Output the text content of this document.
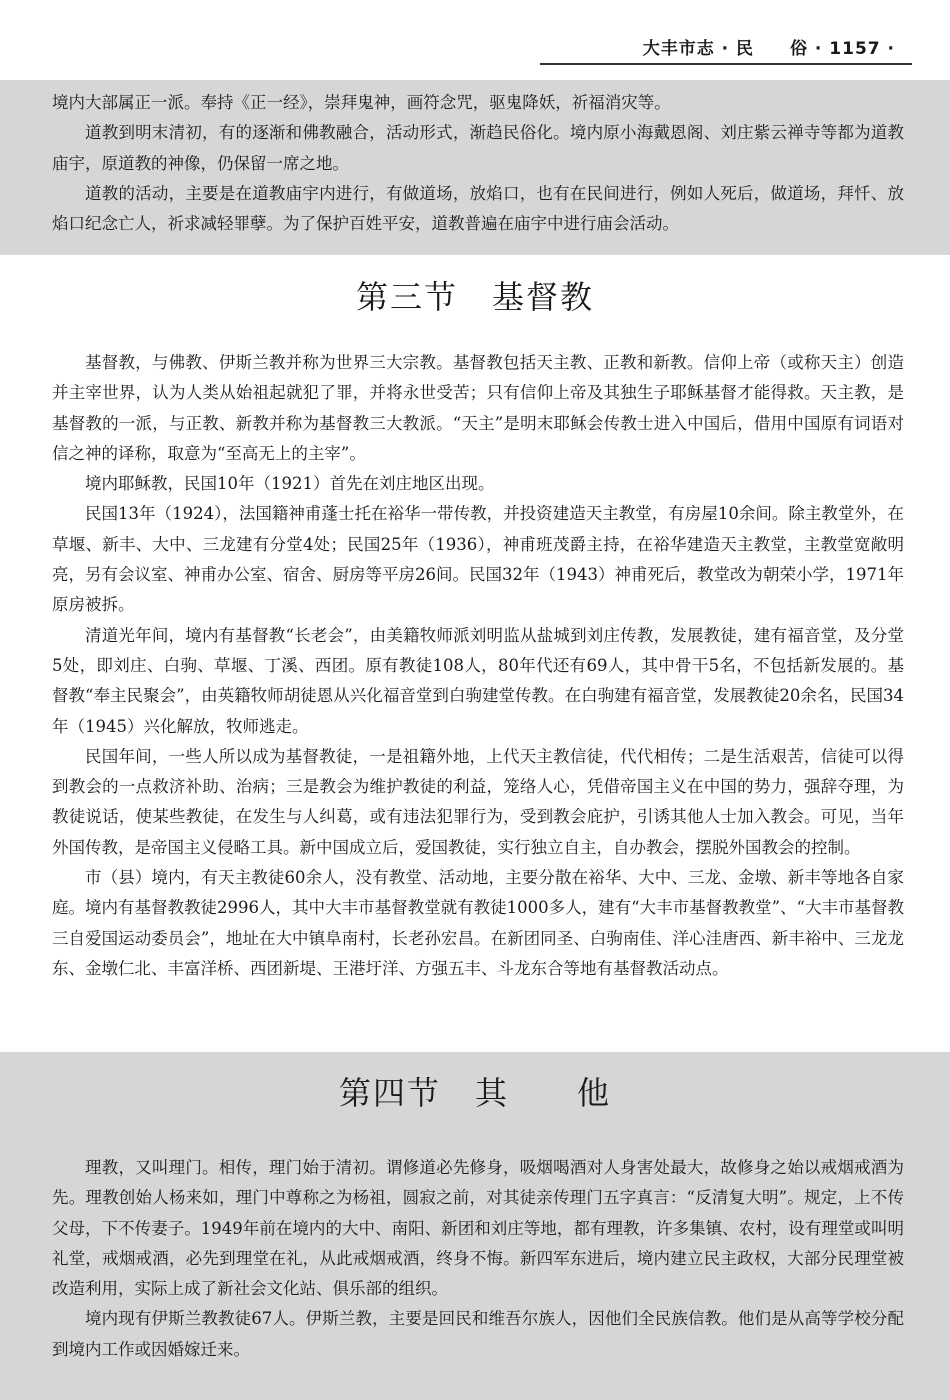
大丰市志 · 民　　俗 · 1157 ·

境内大部属正一派。奉持《正一经》，崇拜鬼神，画符念咒，驱鬼降妖，祈福消灾等。

道教到明末清初，有的逐渐和佛教融合，活动形式，渐趋民俗化。境内原小海戴恩阁、刘庄紫云禅寺等都为道教庙宇，原道教的神像，仍保留一席之地。

道教的活动，主要是在道教庙宇内进行，有做道场，放焰口，也有在民间进行，例如人死后，做道场，拜忏、放焰口纪念亡人，祈求减轻罪孽。为了保护百姓平安，道教普遍在庙宇中进行庙会活动。

第三节　基督教

基督教，与佛教、伊斯兰教并称为世界三大宗教。基督教包括天主教、正教和新教。信仰上帝（或称天主）创造并主宰世界，认为人类从始祖起就犯了罪，并将永世受苦；只有信仰上帝及其独生子耶稣基督才能得救。天主教，是基督教的一派，与正教、新教并称为基督教三大教派。“天主”是明末耶稣会传教士进入中国后，借用中国原有词语对信之神的译称，取意为“至高无上的主宰”。

境内耶稣教，民国10年（1921）首先在刘庄地区出现。

民国13年（1924），法国籍神甫蓬士托在裕华一带传教，并投资建造天主教堂，有房屋10余间。除主教堂外，在草堰、新丰、大中、三龙建有分堂4处；民国25年（1936），神甫班茂爵主持，在裕华建造天主教堂，主教堂宽敞明亮，另有会议室、神甫办公室、宿舍、厨房等平房26间。民国32年（1943）神甫死后，教堂改为朝荣小学，1971年原房被拆。

清道光年间，境内有基督教“长老会”，由美籍牧师派刘明监从盐城到刘庄传教，发展教徒，建有福音堂，及分堂5处，即刘庄、白驹、草堰、丁溪、西团。原有教徒108人，80年代还有69人，其中骨干5名，不包括新发展的。基督教“奉主民聚会”，由英籍牧师胡徒恩从兴化福音堂到白驹建堂传教。在白驹建有福音堂，发展教徒20余名，民国34年（1945）兴化解放，牧师逃走。

民国年间，一些人所以成为基督教徒，一是祖籍外地，上代天主教信徒，代代相传；二是生活艰苦，信徒可以得到教会的一点救济补助、治病；三是教会为维护教徒的利益，笼络人心，凭借帝国主义在中国的势力，强辞夺理，为教徒说话，使某些教徒，在发生与人纠葛，或有违法犯罪行为，受到教会庇护，引诱其他人士加入教会。可见，当年外国传教，是帝国主义侵略工具。新中国成立后，爱国教徒，实行独立自主，自办教会，摆脱外国教会的控制。

市（县）境内，有天主教徒60余人，没有教堂、活动地，主要分散在裕华、大中、三龙、金墩、新丰等地各自家庭。境内有基督教教徒2996人，其中大丰市基督教堂就有教徒1000多人，建有“大丰市基督教教堂”、“大丰市基督教三自爱国运动委员会”，地址在大中镇阜南村，长老孙宏昌。在新团同圣、白驹南佳、洋心洼唐西、新丰裕中、三龙龙东、金墩仁北、丰富洋桥、西团新堤、王港圩洋、方强五丰、斗龙东合等地有基督教活动点。

第四节　其　　他

理教，又叫理门。相传，理门始于清初。谓修道必先修身，吸烟喝酒对人身害处最大，故修身之始以戒烟戒酒为先。理教创始人杨来如，理门中尊称之为杨祖，圆寂之前，对其徒亲传理门五字真言：“反清复大明”。规定，上不传父母，下不传妻子。1949年前在境内的大中、南阳、新团和刘庄等地，都有理教，许多集镇、农村，设有理堂或叫明礼堂，戒烟戒酒，必先到理堂在礼，从此戒烟戒酒，终身不悔。新四军东进后，境内建立民主政权，大部分民理堂被改造利用，实际上成了新社会文化站、俱乐部的组织。

境内现有伊斯兰教教徒67人。伊斯兰教，主要是回民和维吾尔族人，因他们全民族信教。他们是从高等学校分配到境内工作或因婚嫁迁来。
